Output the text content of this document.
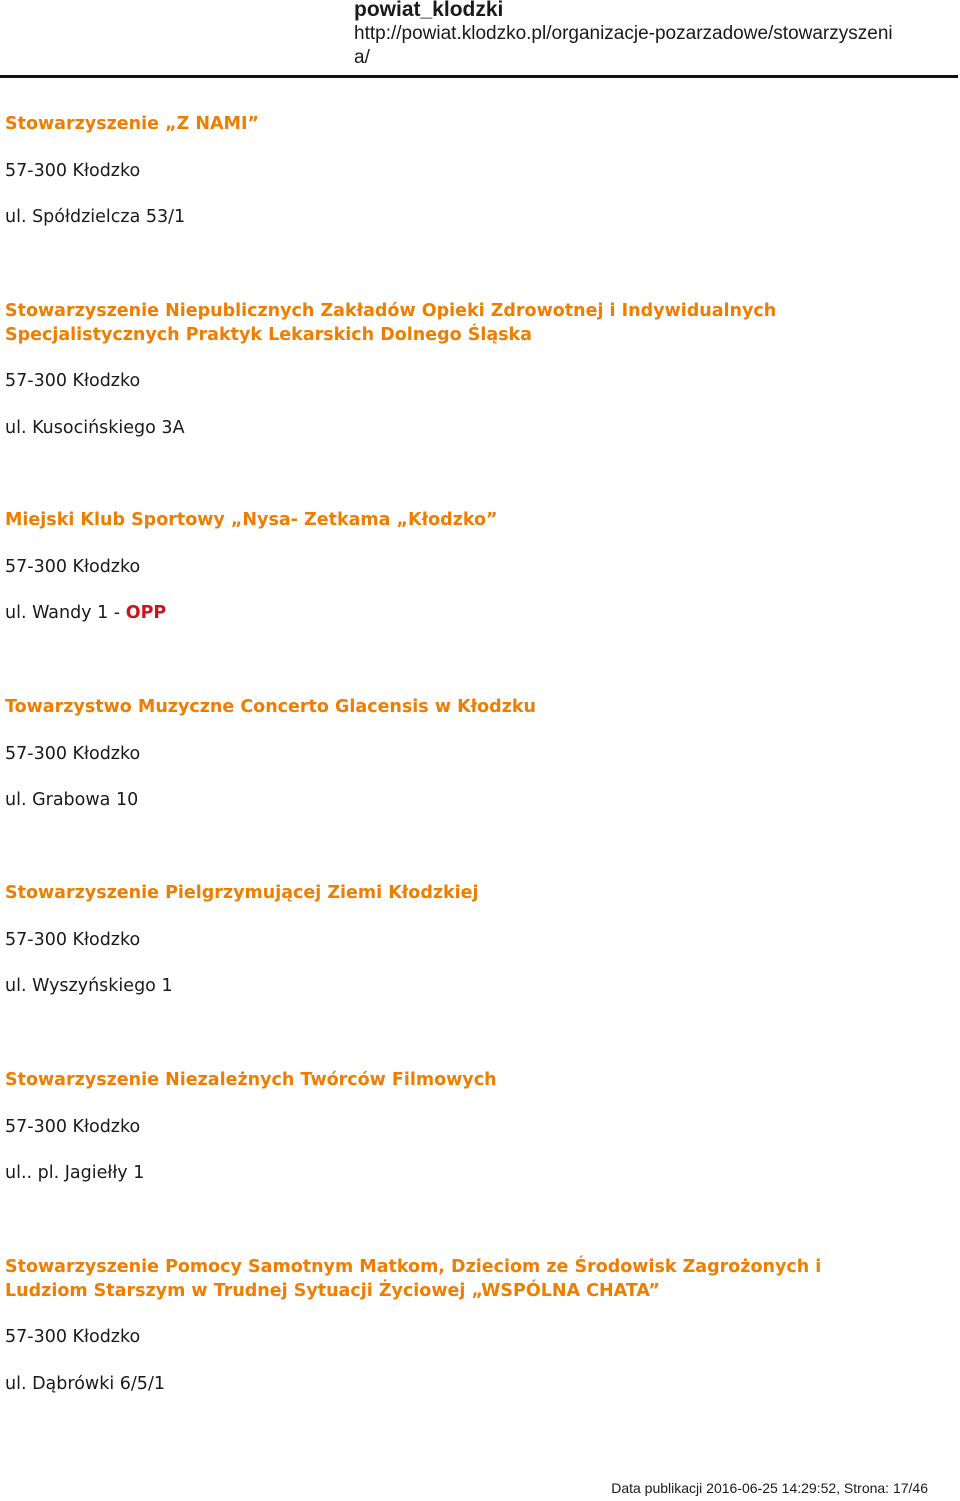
powiat_klodzki
http://powiat.klodzko.pl/organizacje-pozarzadowe/stowarzyszeni
a/
Stowarzyszenie „Z NAMI”
57-300 Kłodzko
ul. Spółdzielcza 53/1
Stowarzyszenie Niepublicznych Zakładów Opieki Zdrowotnej i Indywidualnych Specjalistycznych Praktyk Lekarskich Dolnego Śląska
57-300 Kłodzko
ul. Kusocińskiego 3A
Miejski Klub Sportowy „Nysa- Zetkama „Kłodzko”
57-300 Kłodzko
ul. Wandy 1 - OPP
Towarzystwo Muzyczne Concerto Glacensis w Kłodzku
57-300 Kłodzko
ul. Grabowa 10
Stowarzyszenie Pielgrzymującej Ziemi Kłodzkiej
57-300 Kłodzko
ul. Wyszyńskiego 1
Stowarzyszenie Niezależnych Twórców Filmowych
57-300 Kłodzko
ul.. pl. Jagiełły 1
Stowarzyszenie Pomocy Samotnym Matkom, Dzieciom ze Środowisk Zagrożonych i Ludziom Starszym w Trudnej Sytuacji Życiowej „WSPÓLNA CHATA”
57-300 Kłodzko
ul. Dąbrówki 6/5/1
Data publikacji 2016-06-25 14:29:52, Strona: 17/46
